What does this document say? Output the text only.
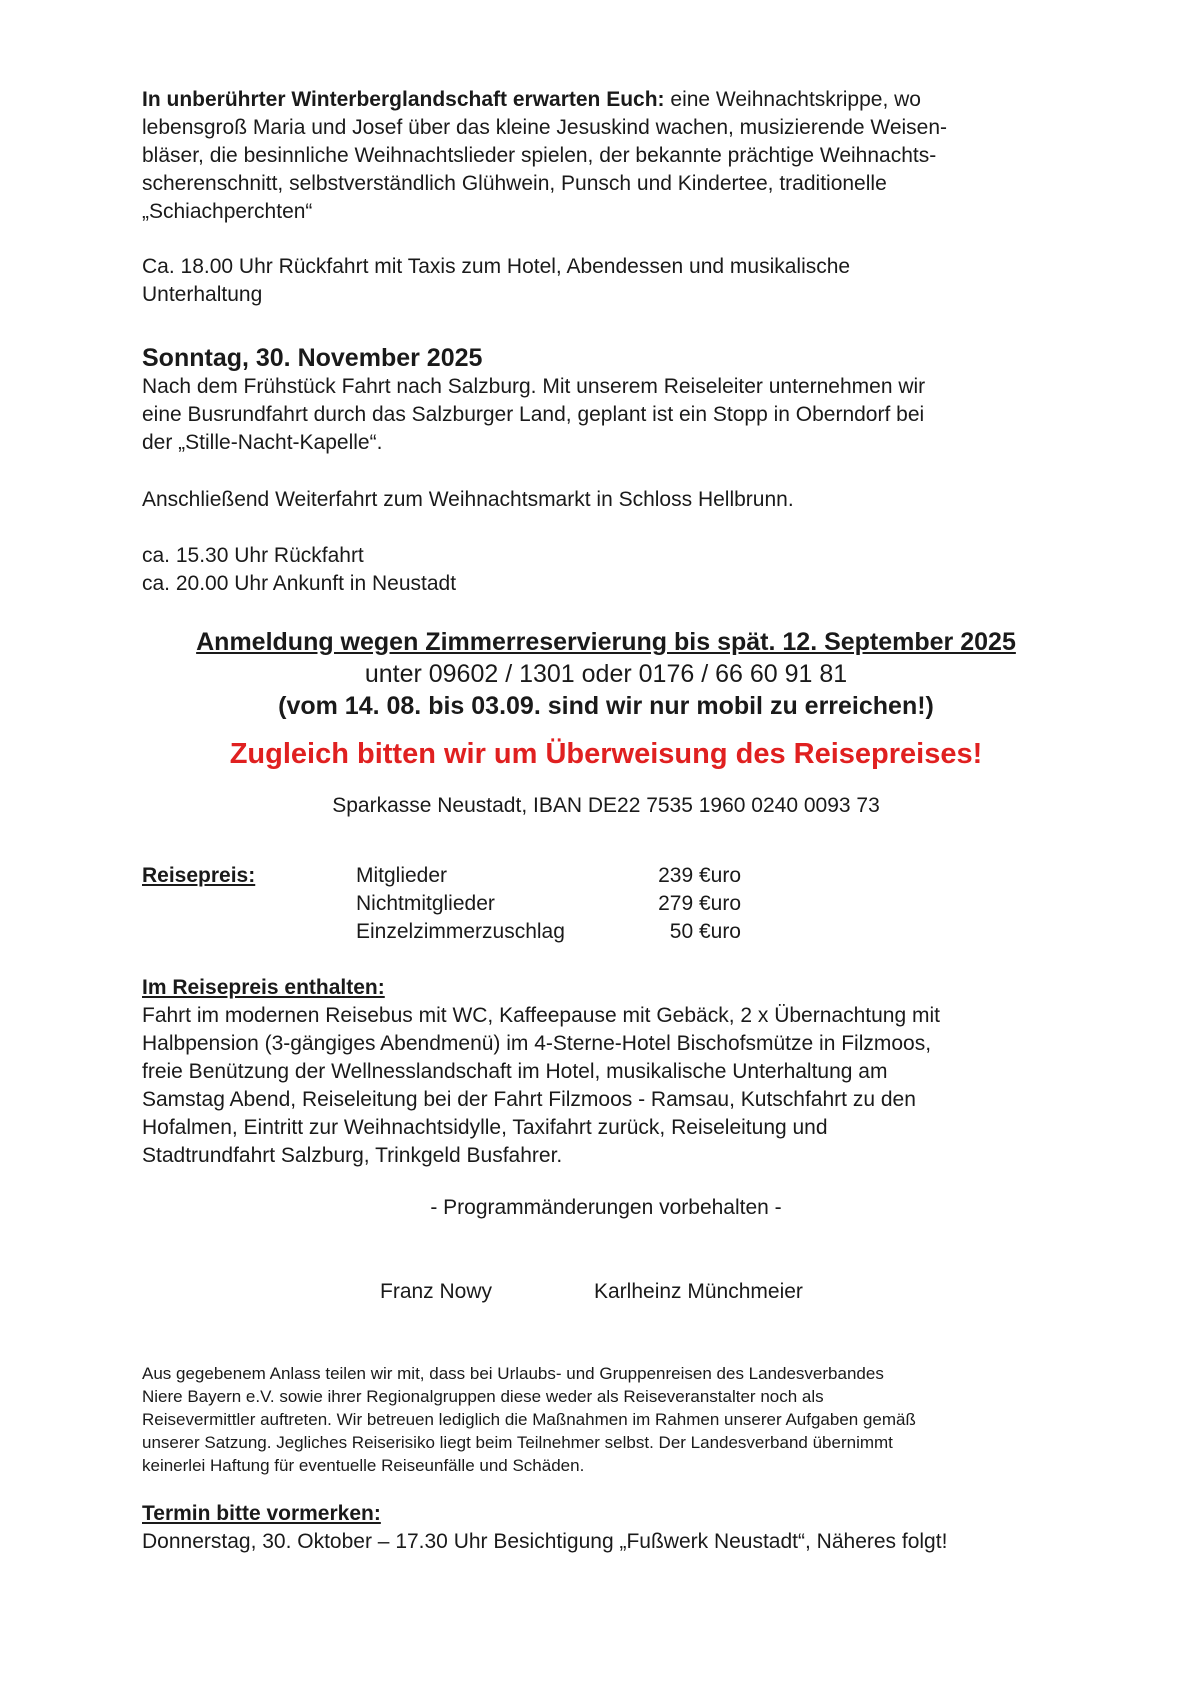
In unberührter Winterberglandschaft erwarten Euch: eine Weihnachtskrippe, wo

lebensgroß Maria und Josef über das kleine Jesuskind wachen, musizierende Weisen-

bläser, die besinnliche Weihnachtslieder spielen, der bekannte prächtige Weihnachts-

scherenschnitt, selbstverständlich Glühwein, Punsch und Kindertee, traditionelle

„Schiachperchten“

Ca. 18.00 Uhr Rückfahrt mit Taxis zum Hotel, Abendessen und musikalische

Unterhaltung

Sonntag, 30. November 2025

Nach dem Frühstück Fahrt nach Salzburg. Mit unserem Reiseleiter unternehmen wir

eine Busrundfahrt durch das Salzburger Land, geplant ist ein Stopp in Oberndorf bei

der „Stille-Nacht-Kapelle“.

Anschließend Weiterfahrt zum Weihnachtsmarkt in Schloss Hellbrunn.

ca. 15.30 Uhr Rückfahrt

ca. 20.00 Uhr Ankunft in Neustadt

Anmeldung wegen Zimmerreservierung bis spät. 12. September 2025

unter 09602 / 1301 oder 0176 / 66 60 91 81

(vom 14. 08. bis 03.09. sind wir nur mobil zu erreichen!)

Zugleich bitten wir um Überweisung des Reisepreises!

Sparkasse Neustadt, IBAN DE22 7535 1960 0240 0093 73

Reisepreis:	Mitglieder	239 €uro
Nichtmitglieder	279 €uro
Einzelzimmerzuschlag	50 €uro

Im Reisepreis enthalten:

Fahrt im modernen Reisebus mit WC, Kaffeepause mit Gebäck, 2 x Übernachtung mit

Halbpension (3-gängiges Abendmenü) im 4-Sterne-Hotel Bischofsmütze in Filzmoos,

freie Benützung der Wellnesslandschaft im Hotel, musikalische Unterhaltung am

Samstag Abend, Reiseleitung bei der Fahrt Filzmoos - Ramsau, Kutschfahrt zu den

Hofalmen, Eintritt zur Weihnachtsidylle, Taxifahrt zurück, Reiseleitung und

Stadtrundfahrt Salzburg, Trinkgeld Busfahrer.

- Programmänderungen vorbehalten -

Franz Nowy	Karlheinz Münchmeier

Aus gegebenem Anlass teilen wir mit, dass bei Urlaubs- und Gruppenreisen des Landesverbandes

Niere Bayern e.V. sowie ihrer Regionalgruppen diese weder als Reiseveranstalter noch als

Reisevermittler auftreten. Wir betreuen lediglich die Maßnahmen im Rahmen unserer Aufgaben gemäß

unserer Satzung. Jegliches Reiserisiko liegt beim Teilnehmer selbst. Der Landesverband übernimmt

keinerlei Haftung für eventuelle Reiseunfälle und Schäden.

Termin bitte vormerken:

Donnerstag, 30. Oktober – 17.30 Uhr Besichtigung „Fußwerk Neustadt“, Näheres folgt!
